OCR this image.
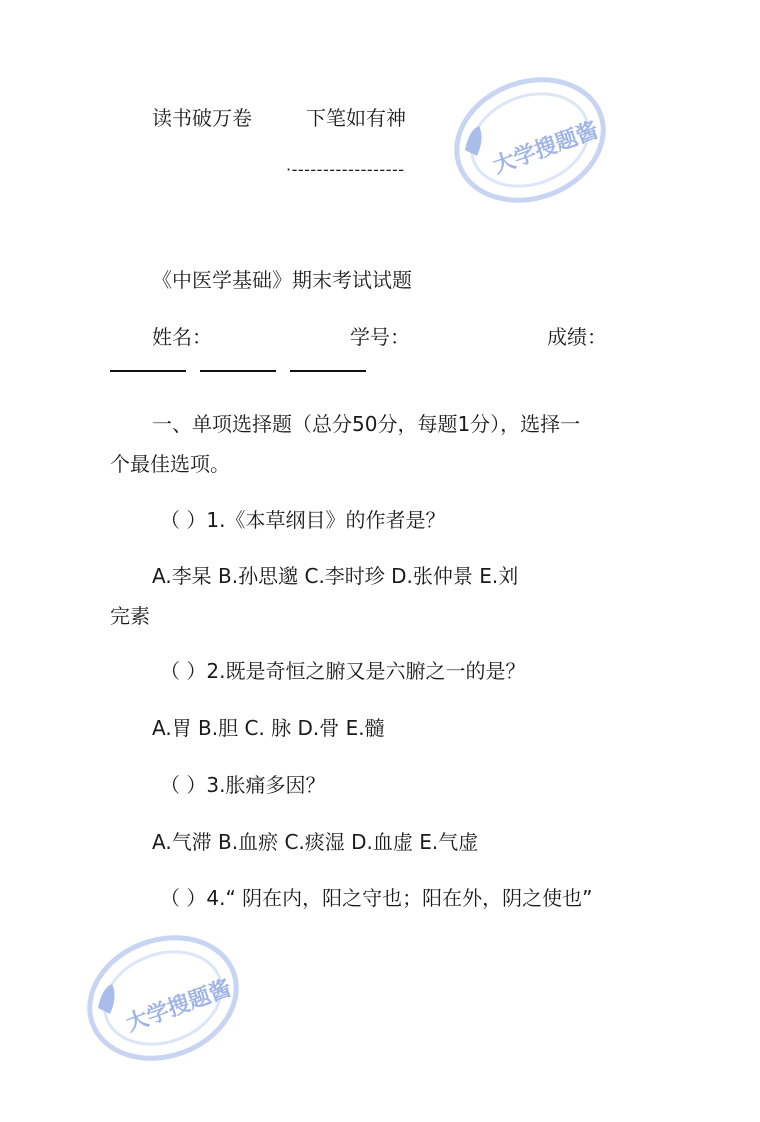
读书破万卷	下笔如有神
·------------------
《中医学基础》期末考试试题
姓名：	学号：	成绩：
一、单项选择题（总分50分，每题1分），选择一
个最佳选项。
（ ）1.《本草纲目》的作者是？
A.李杲 B.孙思邈 C.李时珍 D.张仲景 E.刘
完素
（ ）2.既是奇恒之腑又是六腑之一的是？
A.胃 B.胆 C. 脉 D.骨 E.髓
（ ）3.胀痛多因？
A.气滞 B.血瘀 C.痰湿 D.血虚 E.气虚
（ ）4.“ 阴在内，阳之守也；阳在外，阴之使也”
大学搜题酱
大学搜题酱
